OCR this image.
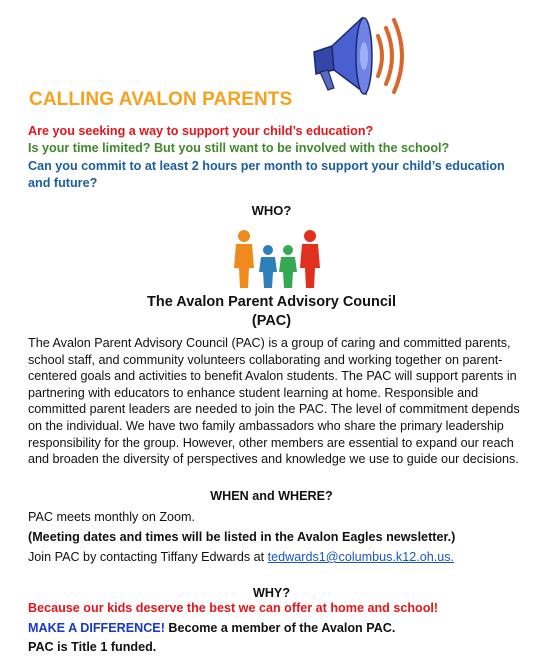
CALLING AVALON PARENTS
Are you seeking a way to support your child’s education?
Is your time limited? But you still want to be involved with the school?
Can you commit to at least 2 hours per month to support your child’s education and future?
WHO?
The Avalon Parent Advisory Council
(PAC)
The Avalon Parent Advisory Council (PAC) is a group of caring and committed parents, school staff, and community volunteers collaborating and working together on parent-centered goals and activities to benefit Avalon students. The PAC will support parents in partnering with educators to enhance student learning at home. Responsible and committed parent leaders are needed to join the PAC. The level of commitment depends on the individual. We have two family ambassadors who share the primary leadership responsibility for the group. However, other members are essential to expand our reach and broaden the diversity of perspectives and knowledge we use to guide our decisions.
WHEN and WHERE?
PAC meets monthly on Zoom.
(Meeting dates and times will be listed in the Avalon Eagles newsletter.)
Join PAC by contacting Tiffany Edwards at tedwards1@columbus.k12.oh.us.
WHY?
Because our kids deserve the best we can offer at home and school!
MAKE A DIFFERENCE! Become a member of the Avalon PAC.
PAC is Title 1 funded.
